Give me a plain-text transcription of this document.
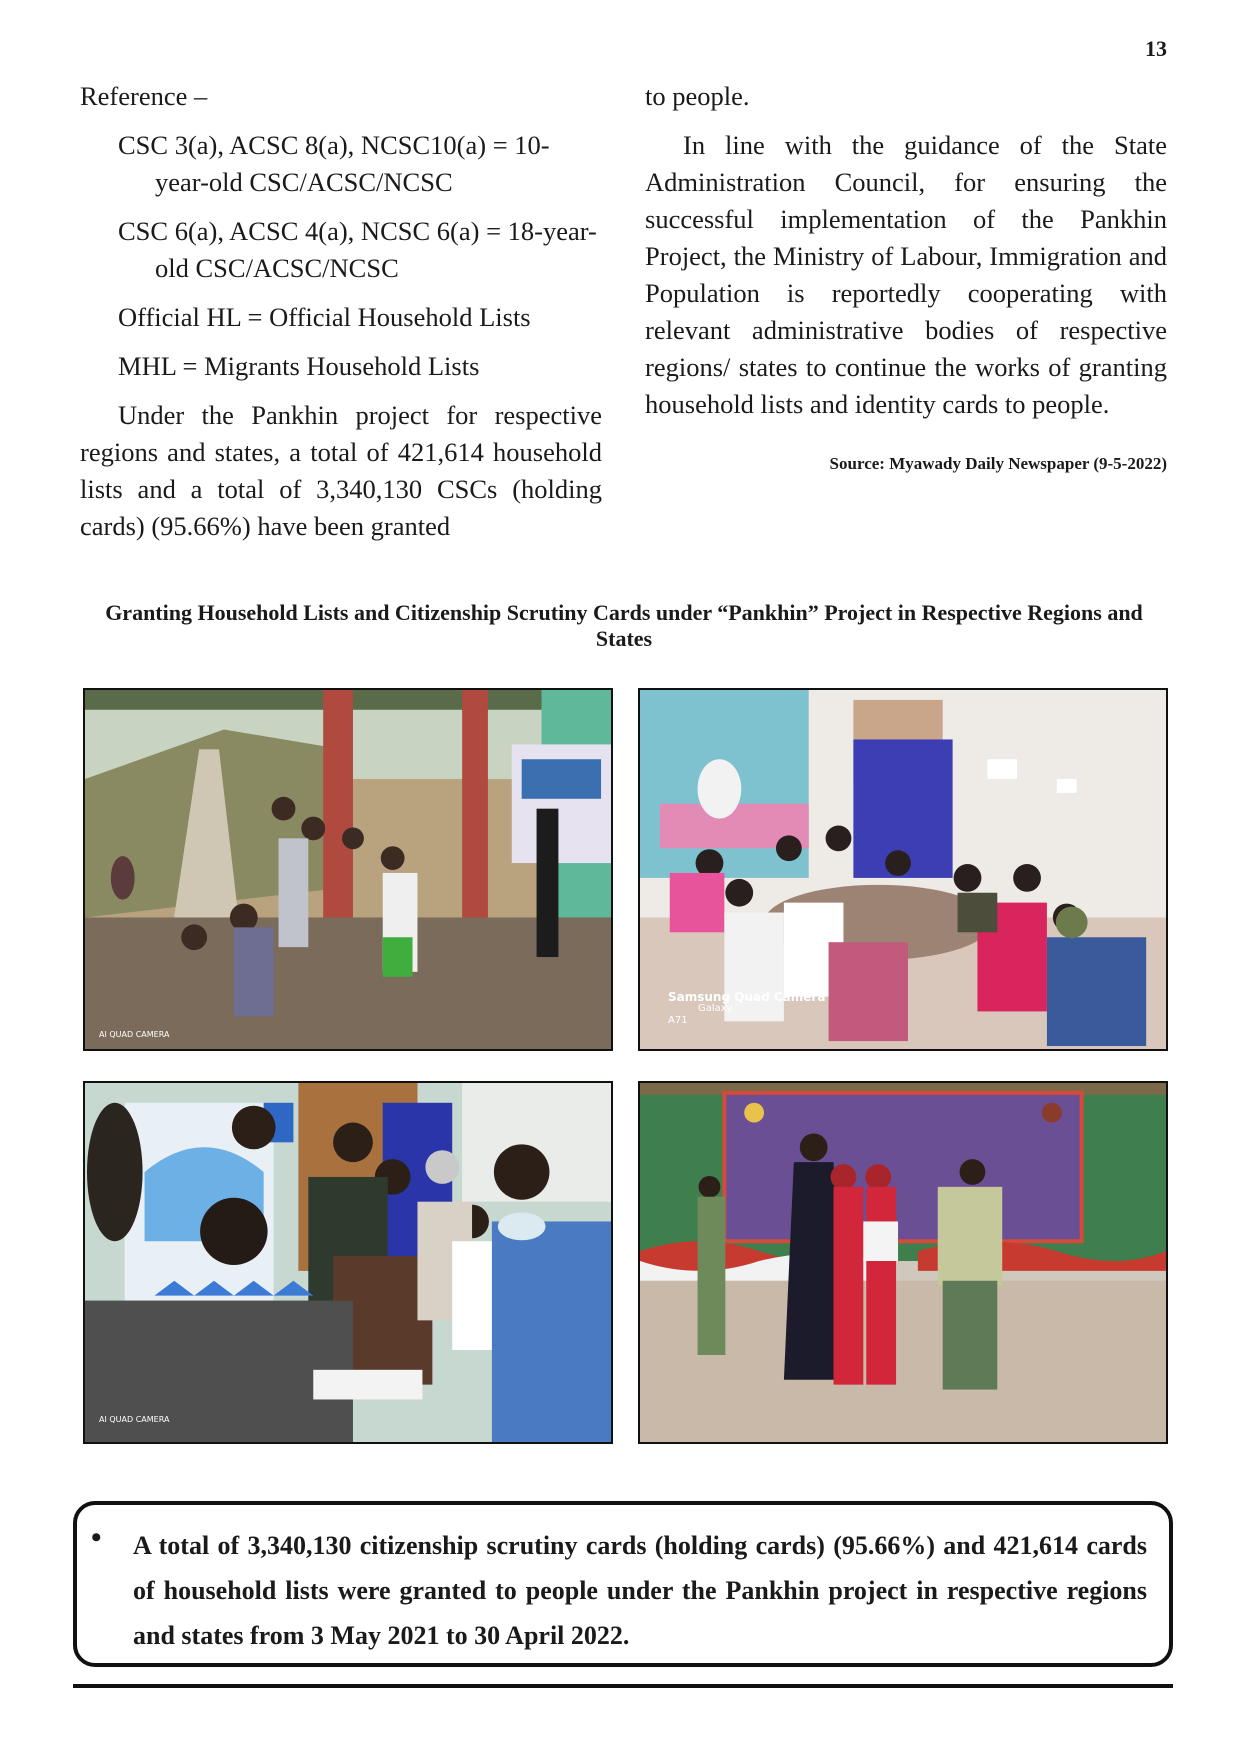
13

Reference –

CSC 3(a), ACSC 8(a), NCSC10(a) = 10-year-old CSC/ACSC/NCSC

CSC 6(a), ACSC 4(a), NCSC 6(a) = 18-year-old CSC/ACSC/NCSC

Official HL = Official Household Lists

MHL = Migrants Household Lists

Under the Pankhin project for respective regions and states, a total of 421,614 household lists and a total of 3,340,130 CSCs (holding cards) (95.66%) have been granted

to people.

In line with the guidance of the State Administration Council, for ensuring the successful implementation of the Pankhin Project, the Ministry of Labour, Immigration and Population is reportedly cooperating with relevant administrative bodies of respective regions/ states to continue the works of granting household lists and identity cards to people.

Source: Myawady Daily Newspaper (9-5-2022)

Granting Household Lists and Citizenship Scrutiny Cards under “Pankhin” Project in Respective Regions and States
AI QUAD CAMERA
Samsung Quad Camera
Galaxy
A71
AI QUAD CAMERA
• A total of 3,340,130 citizenship scrutiny cards (holding cards) (95.66%) and 421,614 cards of household lists were granted to people under the Pankhin project in respective regions and states from 3 May 2021 to 30 April 2022.
